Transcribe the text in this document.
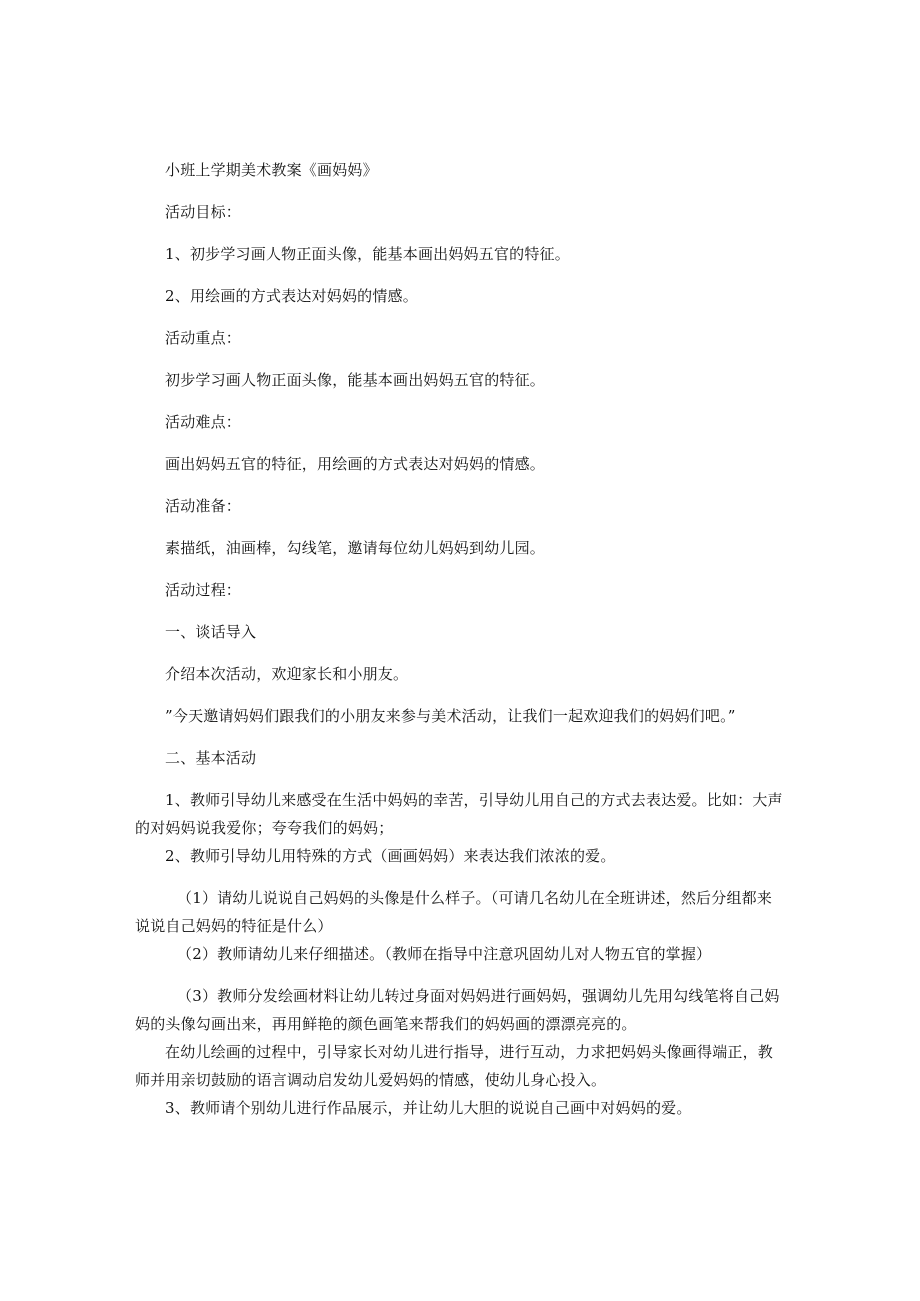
小班上学期美术教案《画妈妈》
活动目标：
1、初步学习画人物正面头像，能基本画出妈妈五官的特征。
2、用绘画的方式表达对妈妈的情感。
活动重点：
初步学习画人物正面头像，能基本画出妈妈五官的特征。
活动难点：
画出妈妈五官的特征，用绘画的方式表达对妈妈的情感。
活动准备：
素描纸，油画棒，勾线笔，邀请每位幼儿妈妈到幼儿园。
活动过程：
一、谈话导入
介绍本次活动，欢迎家长和小朋友。
”今天邀请妈妈们跟我们的小朋友来参与美术活动，让我们一起欢迎我们的妈妈们吧。”
二、基本活动
1、教师引导幼儿来感受在生活中妈妈的幸苦，引导幼儿用自己的方式去表达爱。比如：大声的对妈妈说我爱你；夸夸我们的妈妈；
2、教师引导幼儿用特殊的方式（画画妈妈）来表达我们浓浓的爱。
（1）请幼儿说说自己妈妈的头像是什么样子。（可请几名幼儿在全班讲述，然后分组都来说说自己妈妈的特征是什么）
（2）教师请幼儿来仔细描述。（教师在指导中注意巩固幼儿对人物五官的掌握）
（3）教师分发绘画材料让幼儿转过身面对妈妈进行画妈妈，强调幼儿先用勾线笔将自己妈妈的头像勾画出来，再用鲜艳的颜色画笔来帮我们的妈妈画的漂漂亮亮的。
在幼儿绘画的过程中，引导家长对幼儿进行指导，进行互动，力求把妈妈头像画得端正，教师并用亲切鼓励的语言调动启发幼儿爱妈妈的情感，使幼儿身心投入。
3、教师请个别幼儿进行作品展示，并让幼儿大胆的说说自己画中对妈妈的爱。
